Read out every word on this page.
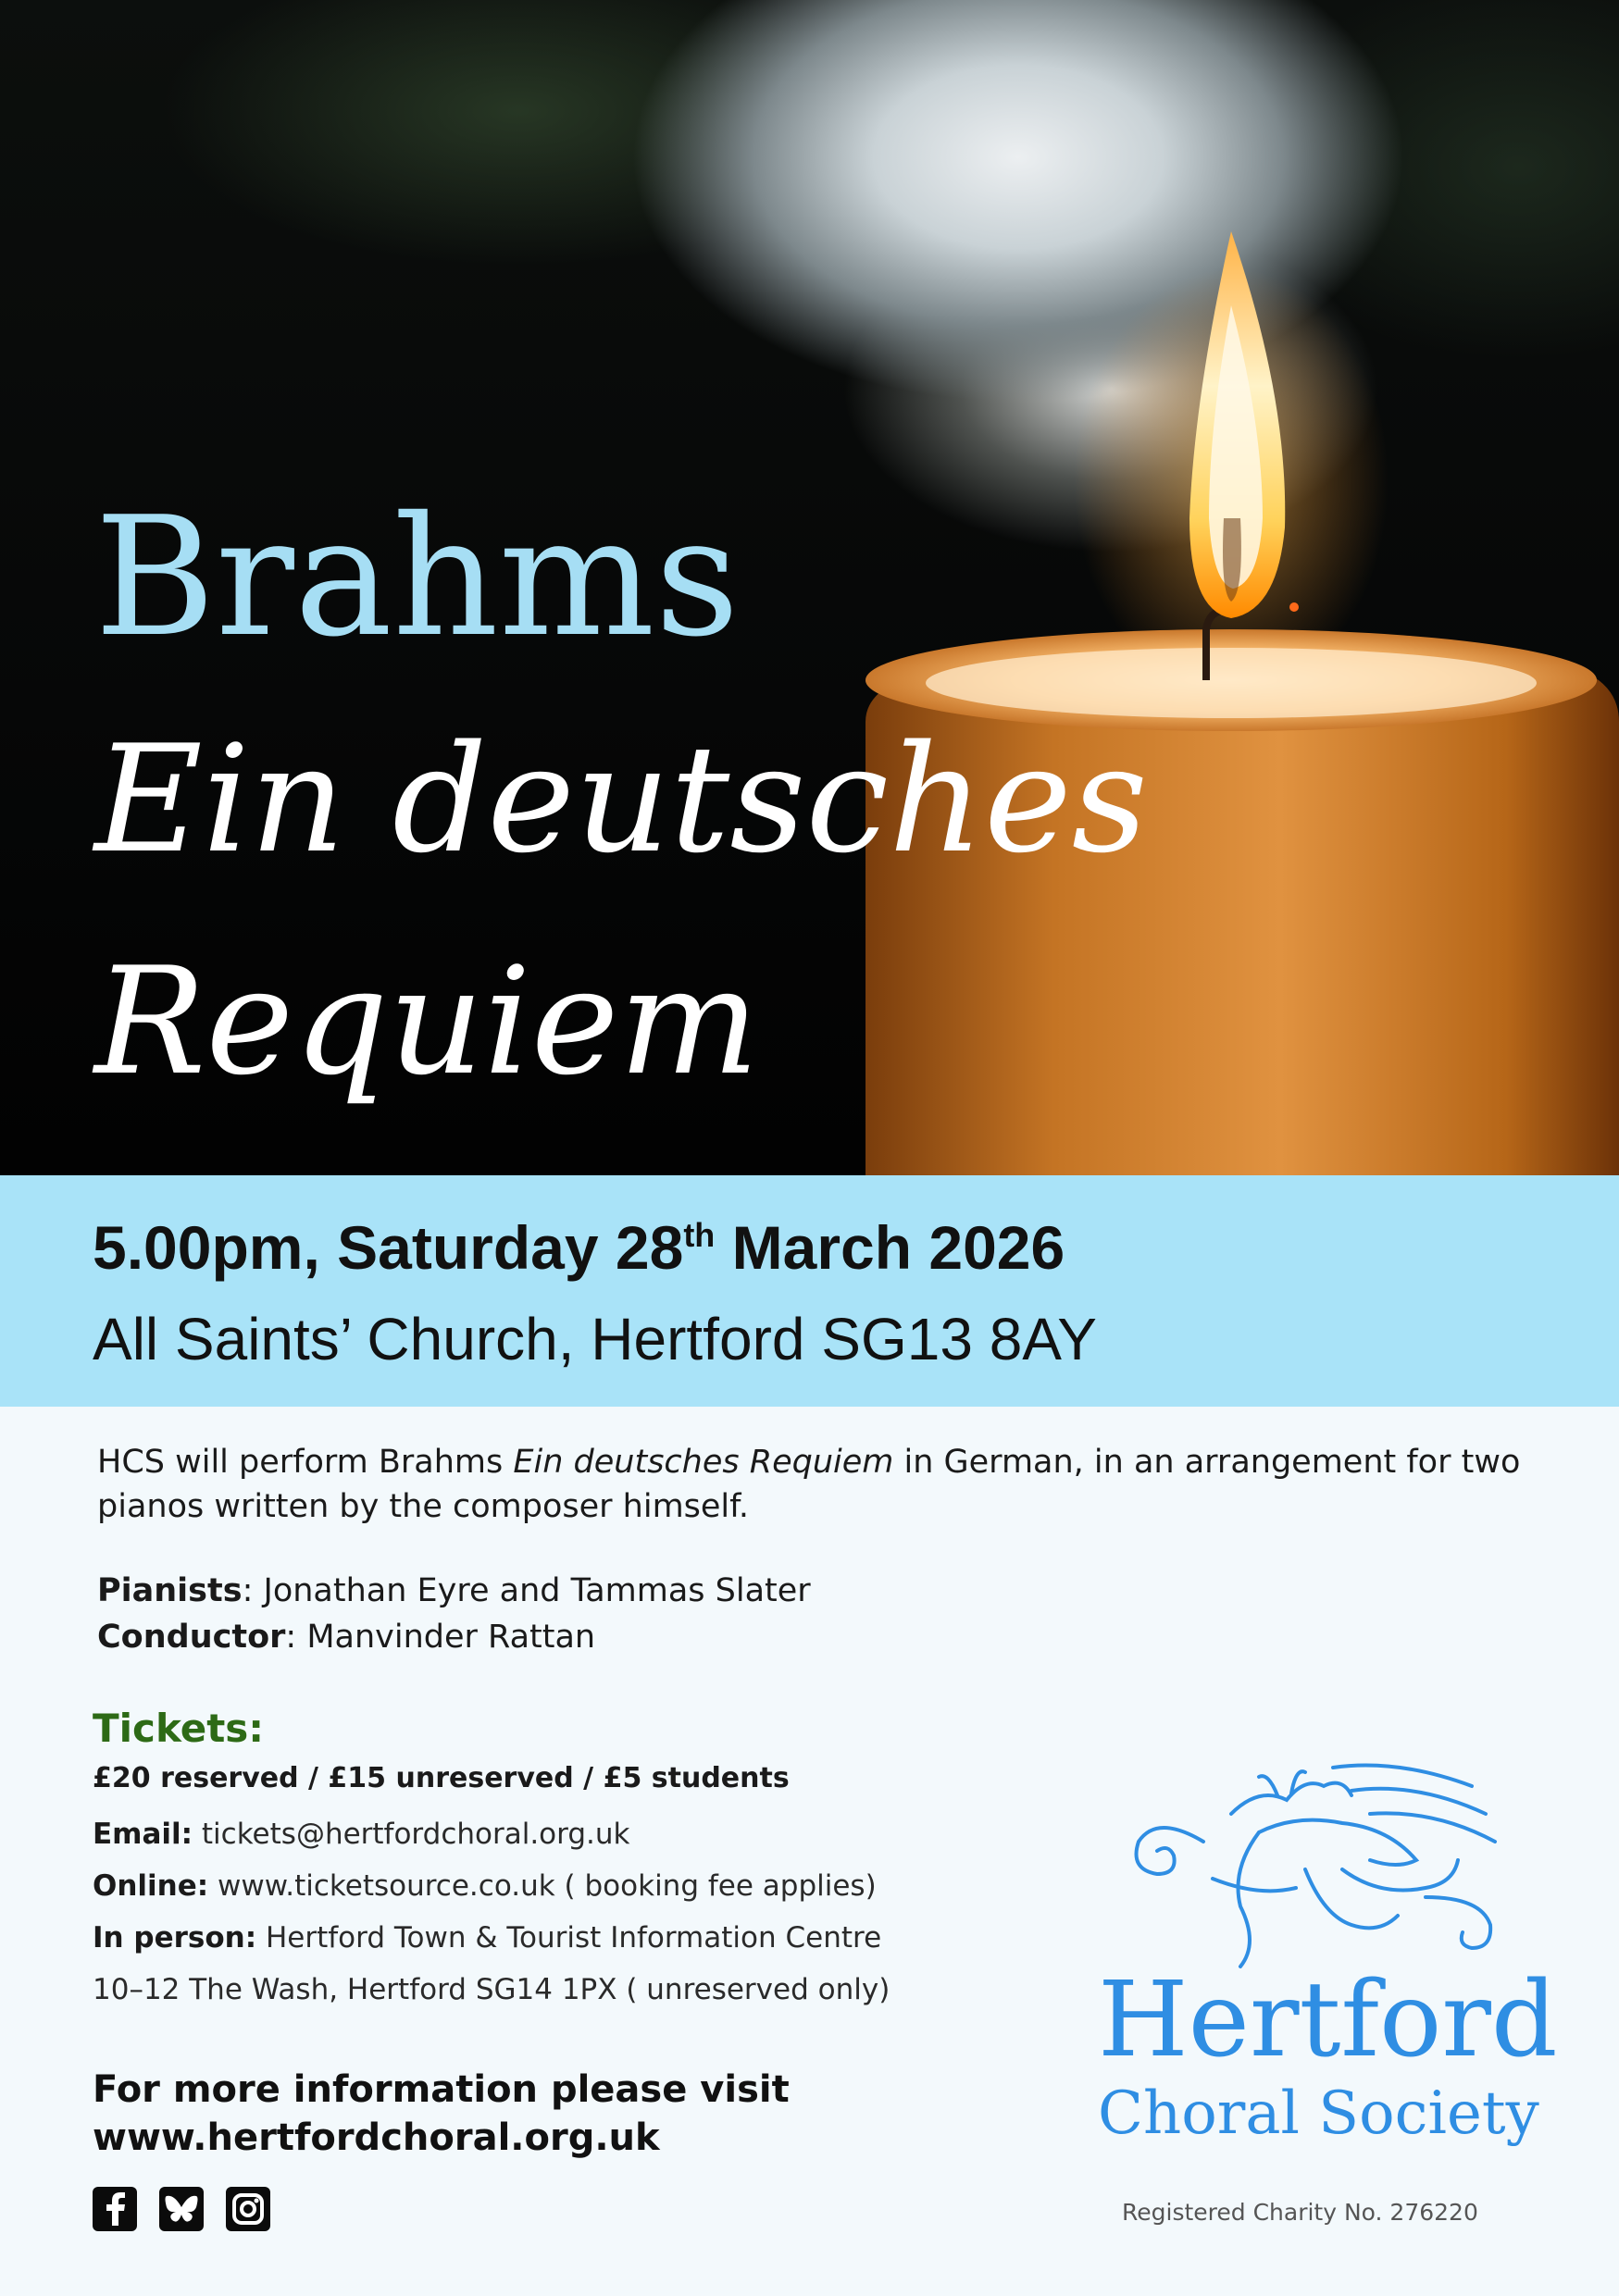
Brahms
Ein deutsches
Requiem
5.00pm, Saturday 28th March 2026
All Saints’ Church, Hertford SG13 8AY
HCS will perform Brahms Ein deutsches Requiem in German, in an arrangement for two pianos written by the composer himself.
Pianists: Jonathan Eyre and Tammas Slater
Conductor: Manvinder Rattan
Tickets:
£20 reserved / £15 unreserved / £5 students
Email: tickets@hertfordchoral.org.uk
Online: www.ticketsource.co.uk ( booking fee applies)
In person: Hertford Town & Tourist Information Centre
10–12 The Wash, Hertford SG14 1PX ( unreserved only)
For more information please visit
www.hertfordchoral.org.uk
Hertford
Choral Society
Registered Charity No. 276220
